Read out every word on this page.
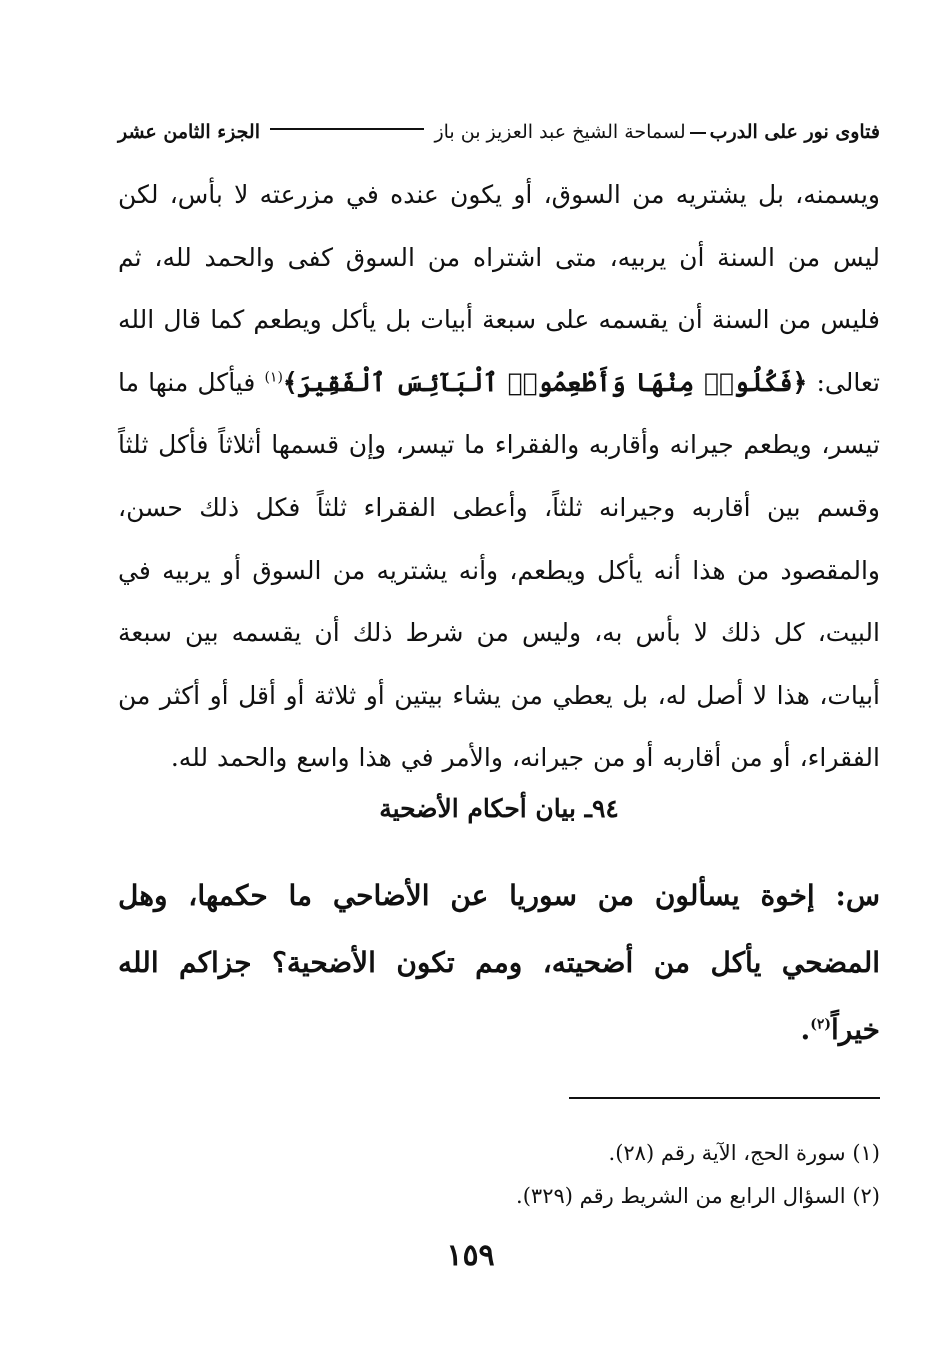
فتاوى نور على الدربلسماحة الشيخ عبد العزيز بن باز
الجزء الثامن عشر
ويسمنه، بل يشتريه من السوق، أو يكون عنده في مزرعته لا بأس، لكن ليس من السنة أن يربيه، متى اشتراه من السوق كفى والحمد لله، ثم فليس من السنة أن يقسمه على سبعة أبيات بل يأكل ويطعم كما قال الله تعالى: ﴿فَكُلُوا۟ مِنْهَا وَأَطْعِمُوا۟ ٱلْبَآئِسَ ٱلْفَقِيرَ﴾$^{(١)}$ فيأكل منها ما تيسر، ويطعم جيرانه وأقاربه والفقراء ما تيسر، وإن قسمها أثلاثاً فأكل ثلثاً وقسم بين أقاربه وجيرانه ثلثاً، وأعطى الفقراء ثلثاً فكل ذلك حسن، والمقصود من هذا أنه يأكل ويطعم، وأنه يشتريه من السوق أو يربيه في البيت، كل ذلك لا بأس به، وليس من شرط ذلك أن يقسمه بين سبعة أبيات، هذا لا أصل له، بل يعطي من يشاء بيتين أو ثلاثة أو أقل أو أكثر من الفقراء، أو من أقاربه أو من جيرانه، والأمر في هذا واسع والحمد لله.
٩٤ـ بيان أحكام الأضحية
س: إخوة يسألون من سوريا عن الأضاحي ما حكمها، وهل المضحي يأكل من أضحيته، ومم تكون الأضحية؟ جزاكم الله خيراً$^{(٢)}$.
(١) سورة الحج، الآية رقم (٢٨).
(٢) السؤال الرابع من الشريط رقم (٣٢٩).
١٥٩
